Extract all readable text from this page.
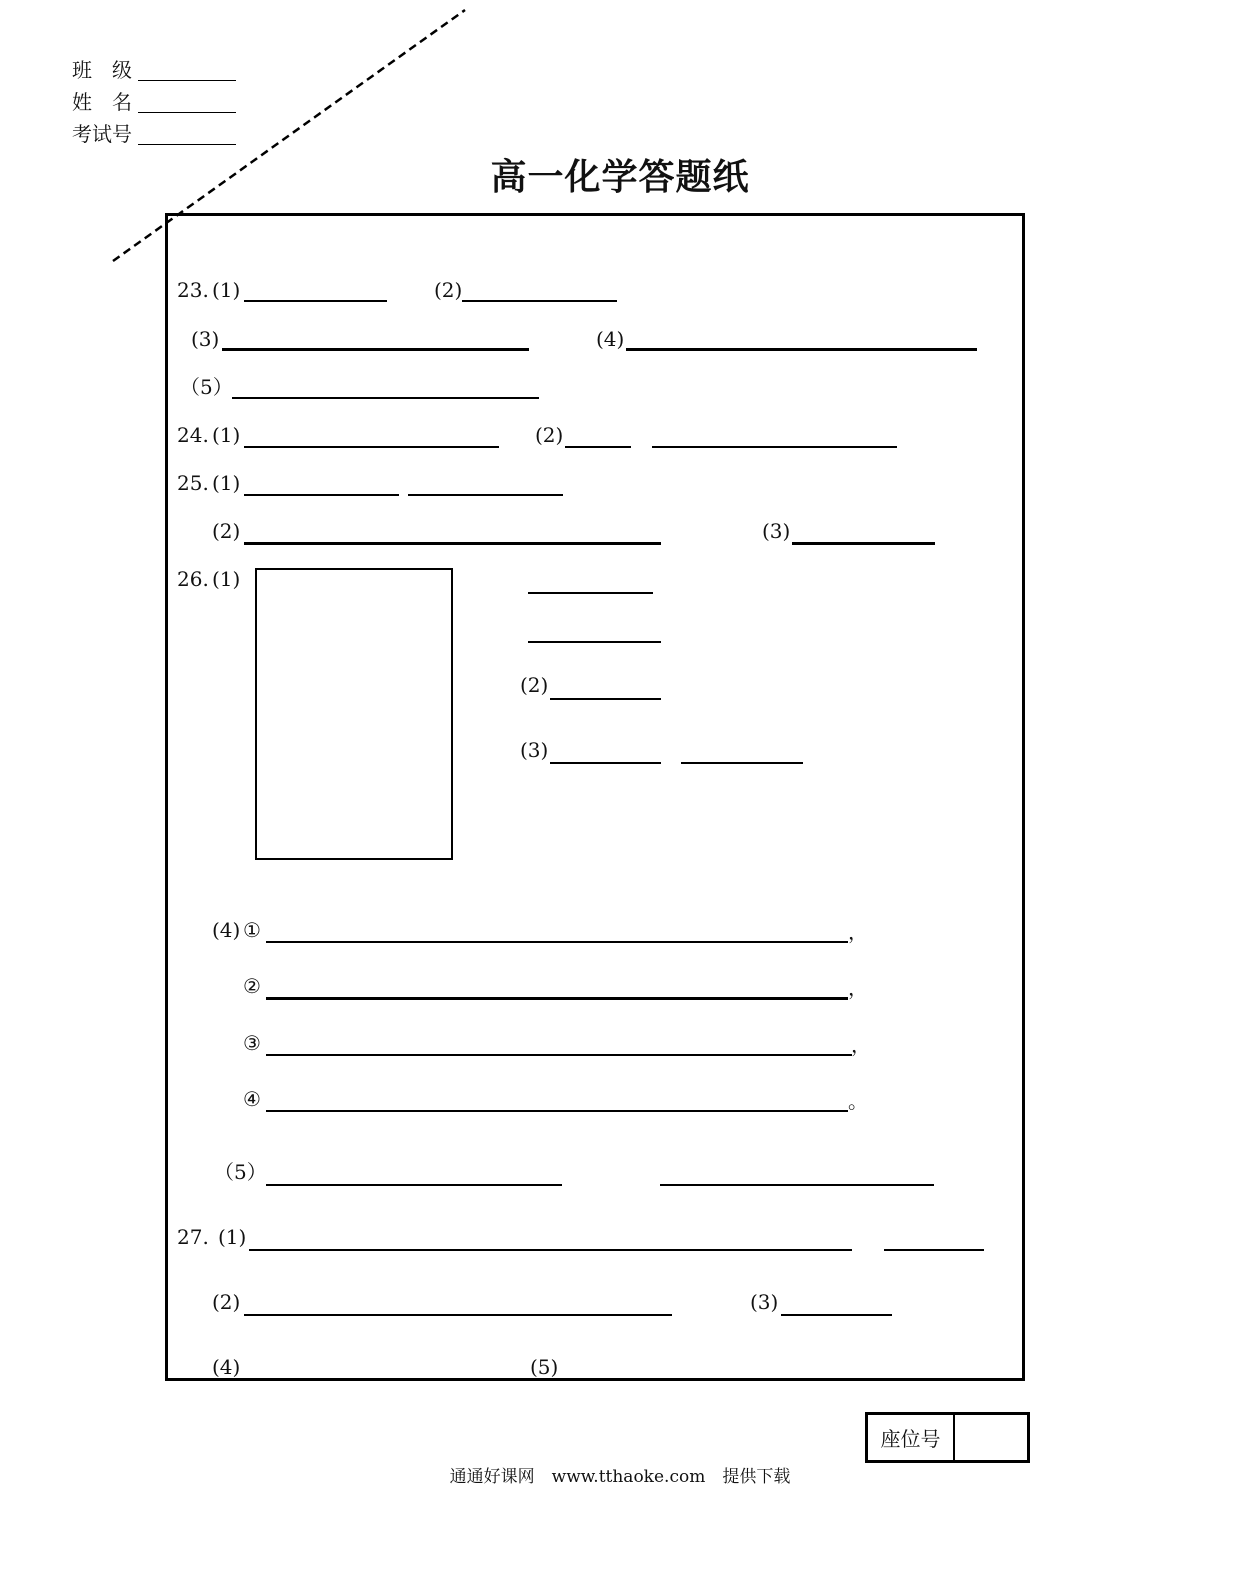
班　级
姓　名
考试号
高一化学答题纸
23. (1)	(2)
(3)	(4)
（5）
24. (1)	(2)
25. (1)
(2)	(3)
26. (1)
(2)
(3)
(4) ①	，
②	，
③	，
④	。
（5）
27. (1)
(2)	(3)
(4)	(5)
座位号
通通好课网　www.tthaoke.com　提供下载
